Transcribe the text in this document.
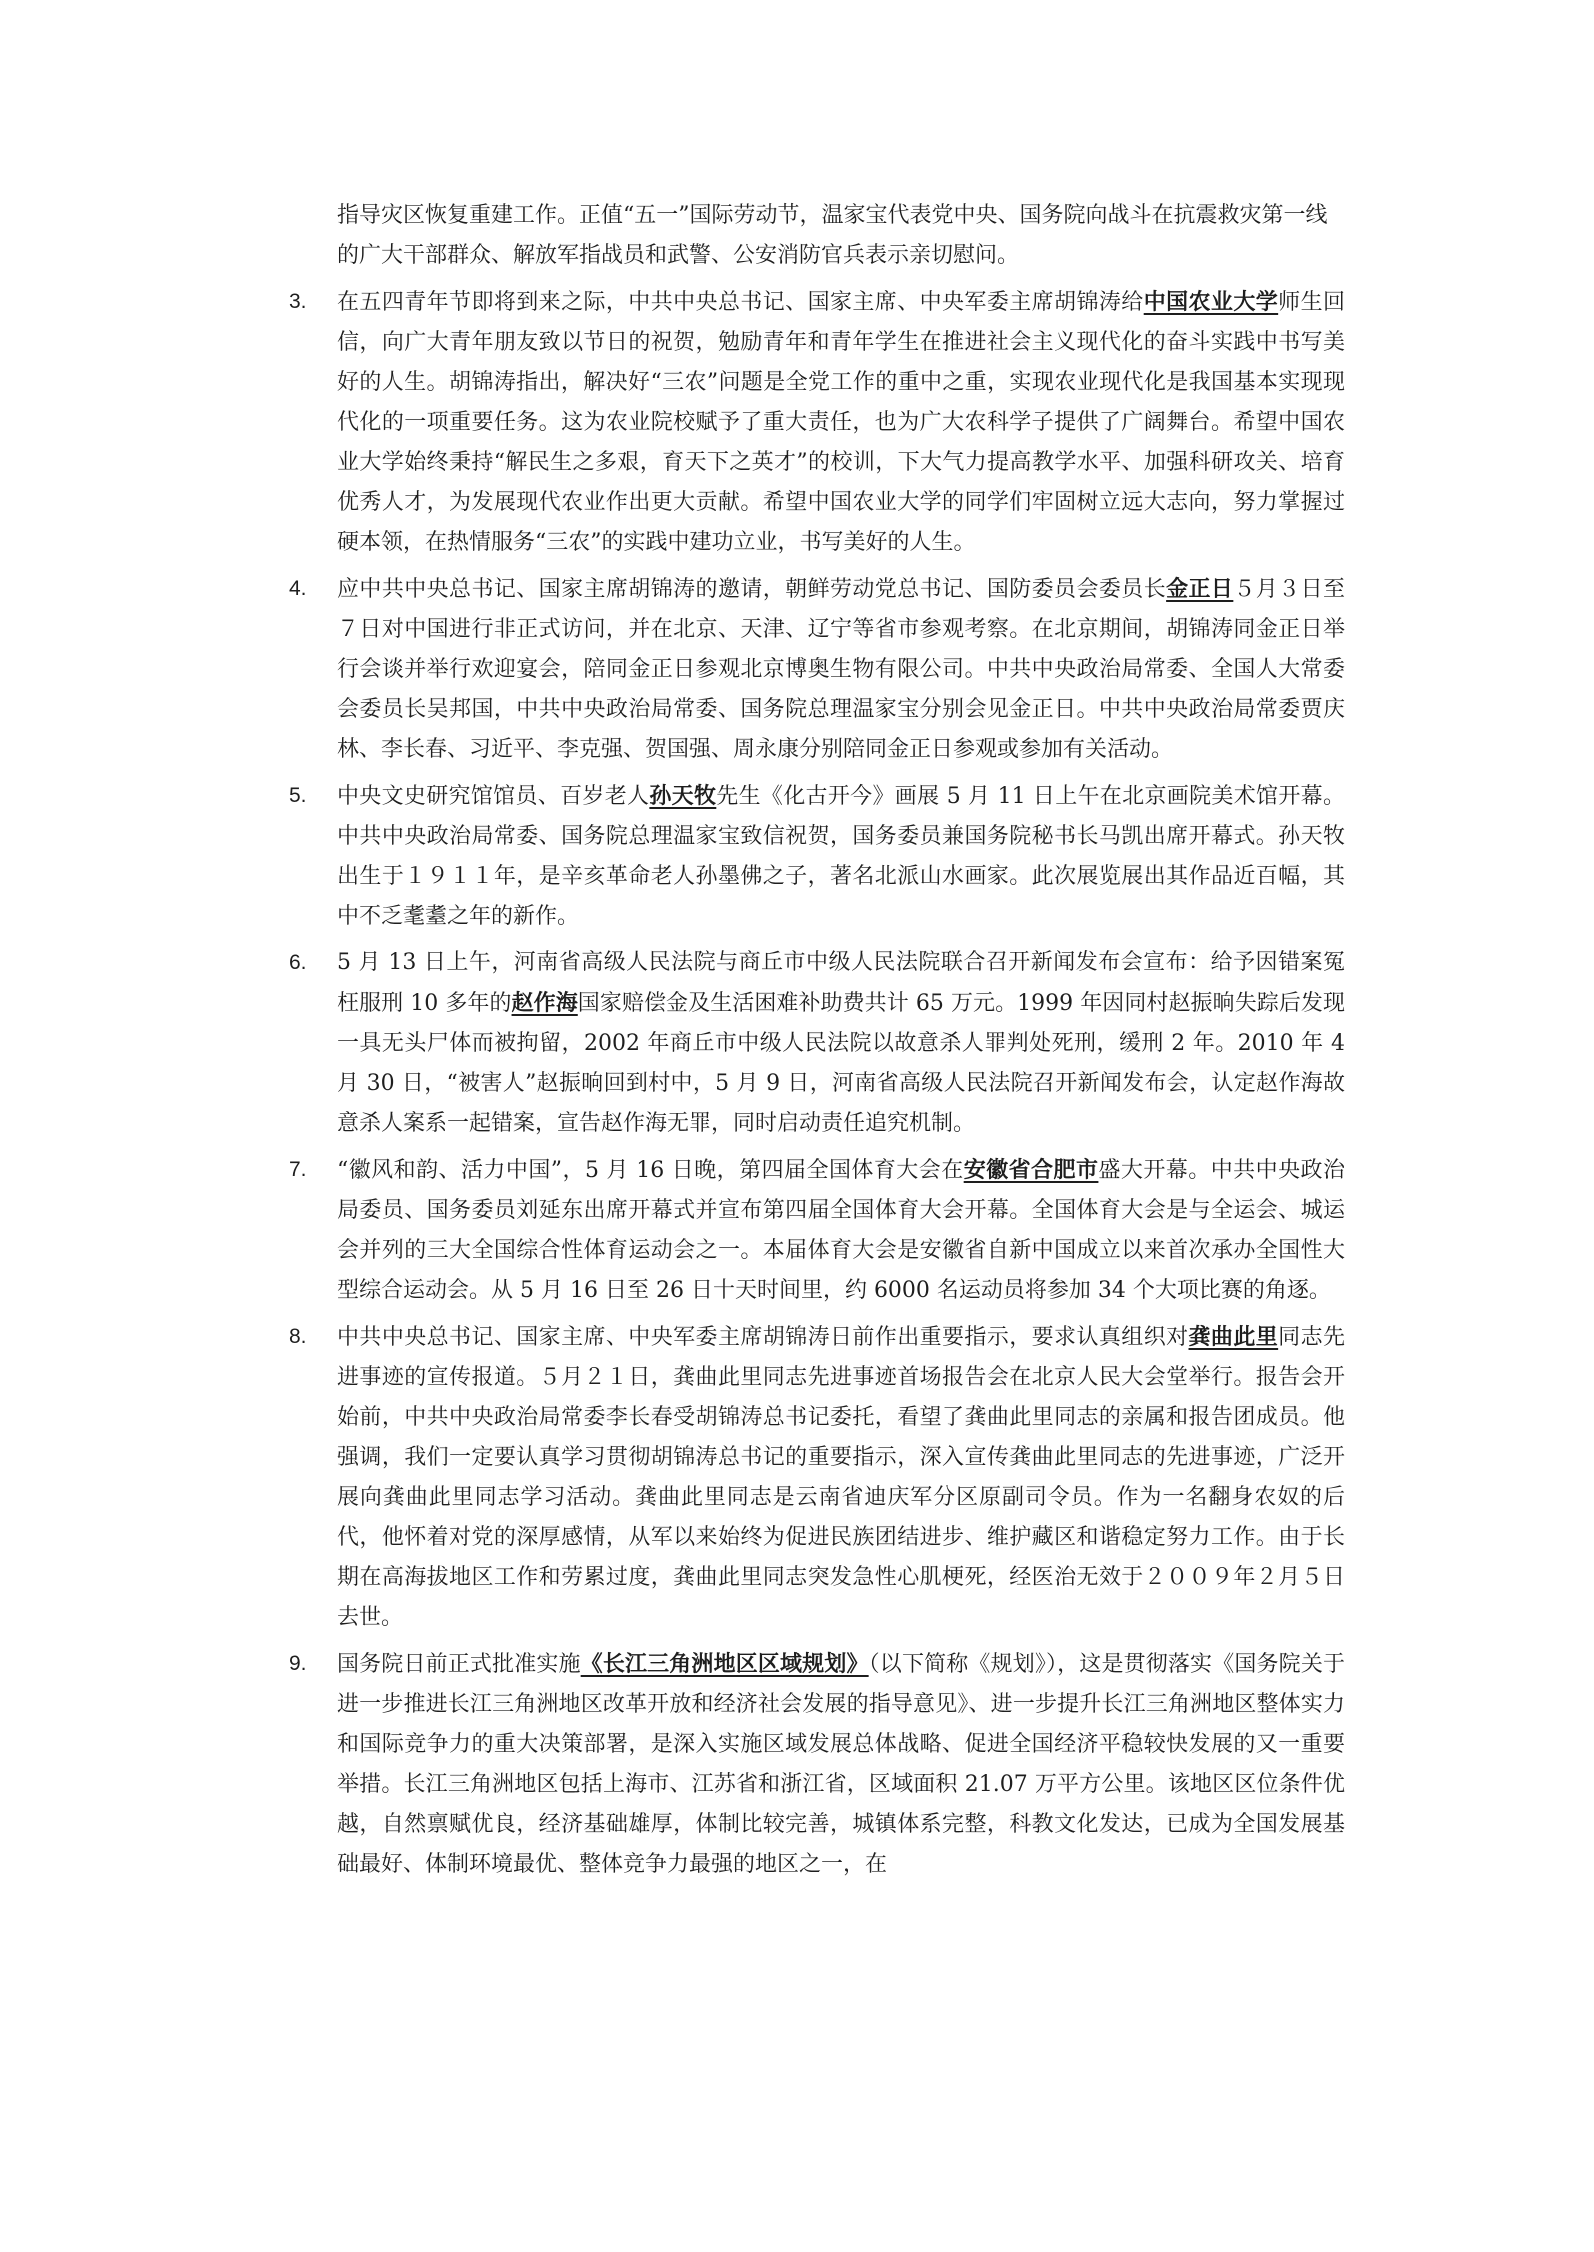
指导灾区恢复重建工作。正值“五一”国际劳动节，温家宝代表党中央、国务院向战斗在抗震救灾第一线的广大干部群众、解放军指战员和武警、公安消防官兵表示亲切慰问。

3. 在五四青年节即将到来之际，中共中央总书记、国家主席、中央军委主席胡锦涛给中国农业大学师生回信，向广大青年朋友致以节日的祝贺，勉励青年和青年学生在推进社会主义现代化的奋斗实践中书写美好的人生。胡锦涛指出，解决好“三农”问题是全党工作的重中之重，实现农业现代化是我国基本实现现代化的一项重要任务。这为农业院校赋予了重大责任，也为广大农科学子提供了广阔舞台。希望中国农业大学始终秉持“解民生之多艰，育天下之英才”的校训，下大气力提高教学水平、加强科研攻关、培育优秀人才，为发展现代农业作出更大贡献。希望中国农业大学的同学们牢固树立远大志向，努力掌握过硬本领，在热情服务“三农”的实践中建功立业，书写美好的人生。
4. 应中共中央总书记、国家主席胡锦涛的邀请，朝鲜劳动党总书记、国防委员会委员长金正日５月３日至７日对中国进行非正式访问，并在北京、天津、辽宁等省市参观考察。在北京期间，胡锦涛同金正日举行会谈并举行欢迎宴会，陪同金正日参观北京博奥生物有限公司。中共中央政治局常委、全国人大常委会委员长吴邦国，中共中央政治局常委、国务院总理温家宝分别会见金正日。中共中央政治局常委贾庆林、李长春、习近平、李克强、贺国强、周永康分别陪同金正日参观或参加有关活动。
5. 中央文史研究馆馆员、百岁老人孙天牧先生《化古开今》画展 5 月 11 日上午在北京画院美术馆开幕。中共中央政治局常委、国务院总理温家宝致信祝贺，国务委员兼国务院秘书长马凯出席开幕式。孙天牧出生于１９１１年，是辛亥革命老人孙墨佛之子，著名北派山水画家。此次展览展出其作品近百幅，其中不乏耄耋之年的新作。
6. 5 月 13 日上午，河南省高级人民法院与商丘市中级人民法院联合召开新闻发布会宣布：给予因错案冤枉服刑 10 多年的赵作海国家赔偿金及生活困难补助费共计 65 万元。1999 年因同村赵振晌失踪后发现一具无头尸体而被拘留，2002 年商丘市中级人民法院以故意杀人罪判处死刑，缓刑 2 年。2010 年 4 月 30 日，“被害人”赵振晌回到村中，5 月 9 日，河南省高级人民法院召开新闻发布会，认定赵作海故意杀人案系一起错案，宣告赵作海无罪，同时启动责任追究机制。
7. “徽风和韵、活力中国”，5 月 16 日晚，第四届全国体育大会在安徽省合肥市盛大开幕。中共中央政治局委员、国务委员刘延东出席开幕式并宣布第四届全国体育大会开幕。全国体育大会是与全运会、城运会并列的三大全国综合性体育运动会之一。本届体育大会是安徽省自新中国成立以来首次承办全国性大型综合运动会。从 5 月 16 日至 26 日十天时间里，约 6000 名运动员将参加 34 个大项比赛的角逐。
8. 中共中央总书记、国家主席、中央军委主席胡锦涛日前作出重要指示，要求认真组织对龚曲此里同志先进事迹的宣传报道。５月２１日，龚曲此里同志先进事迹首场报告会在北京人民大会堂举行。报告会开始前，中共中央政治局常委李长春受胡锦涛总书记委托，看望了龚曲此里同志的亲属和报告团成员。他强调，我们一定要认真学习贯彻胡锦涛总书记的重要指示，深入宣传龚曲此里同志的先进事迹，广泛开展向龚曲此里同志学习活动。龚曲此里同志是云南省迪庆军分区原副司令员。作为一名翻身农奴的后代，他怀着对党的深厚感情，从军以来始终为促进民族团结进步、维护藏区和谐稳定努力工作。由于长期在高海拔地区工作和劳累过度，龚曲此里同志突发急性心肌梗死，经医治无效于２００９年２月５日去世。
9. 国务院日前正式批准实施《长江三角洲地区区域规划》（以下简称《规划》），这是贯彻落实《国务院关于进一步推进长江三角洲地区改革开放和经济社会发展的指导意见》、进一步提升长江三角洲地区整体实力和国际竞争力的重大决策部署，是深入实施区域发展总体战略、促进全国经济平稳较快发展的又一重要举措。长江三角洲地区包括上海市、江苏省和浙江省，区域面积 21.07 万平方公里。该地区区位条件优越，自然禀赋优良，经济基础雄厚，体制比较完善，城镇体系完整，科教文化发达，已成为全国发展基础最好、体制环境最优、整体竞争力最强的地区之一，在
